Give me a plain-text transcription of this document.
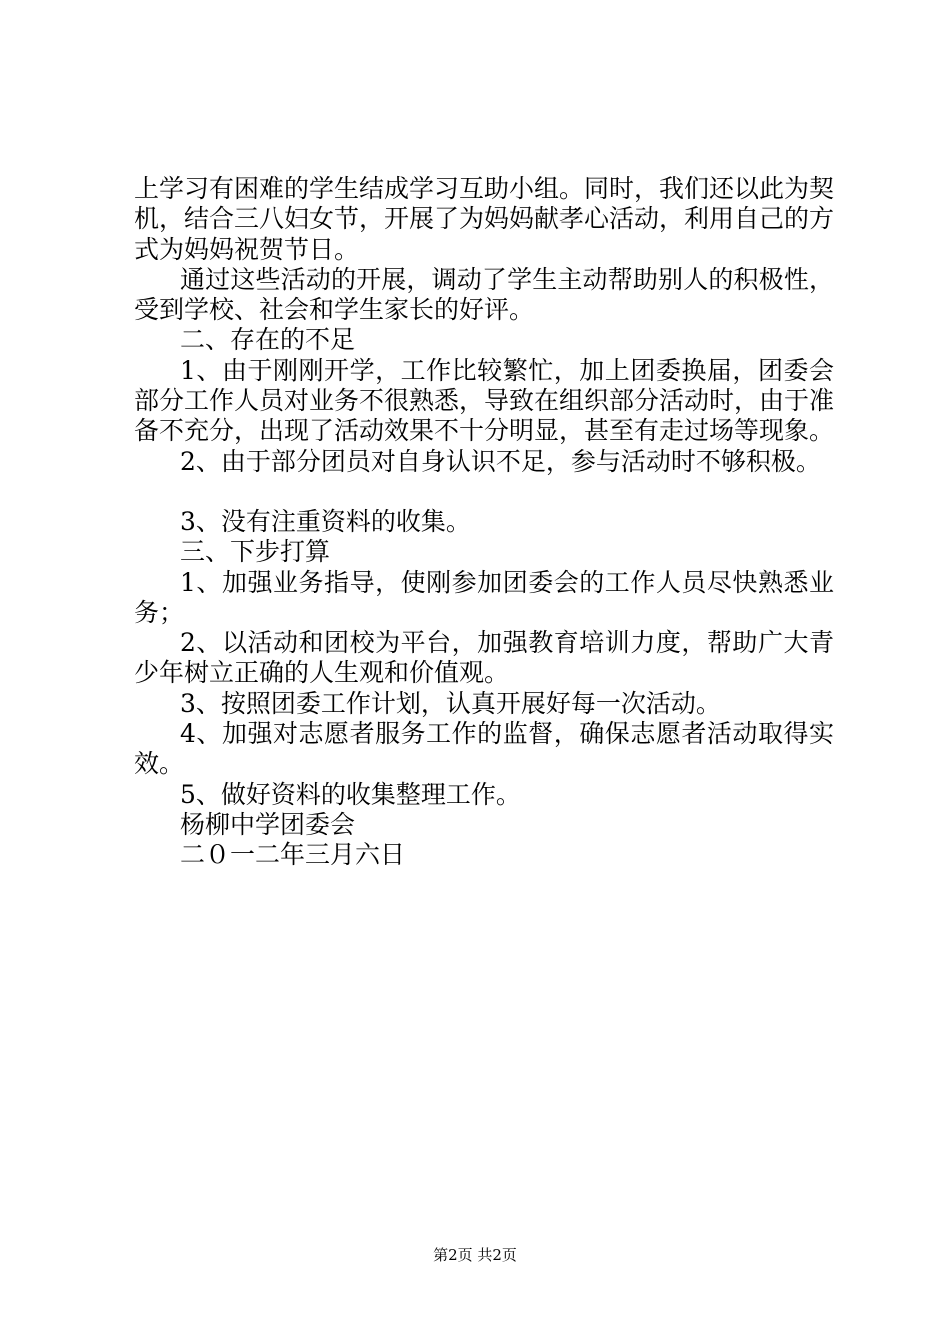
上学习有困难的学生结成学习互助小组。同时，我们还以此为契机，结合三八妇女节，开展了为妈妈献孝心活动，利用自己的方式为妈妈祝贺节日。

通过这些活动的开展，调动了学生主动帮助别人的积极性，受到学校、社会和学生家长的好评。

二、存在的不足

1、由于刚刚开学，工作比较繁忙，加上团委换届，团委会部分工作人员对业务不很熟悉，导致在组织部分活动时，由于准备不充分，出现了活动效果不十分明显，甚至有走过场等现象。

2、由于部分团员对自身认识不足，参与活动时不够积极。

3、没有注重资料的收集。

三、下步打算

1、加强业务指导，使刚参加团委会的工作人员尽快熟悉业务；

2、以活动和团校为平台，加强教育培训力度，帮助广大青少年树立正确的人生观和价值观。

3、按照团委工作计划，认真开展好每一次活动。

4、加强对志愿者服务工作的监督，确保志愿者活动取得实效。

5、做好资料的收集整理工作。

杨柳中学团委会

二０一二年三月六日

第2页 共2页
